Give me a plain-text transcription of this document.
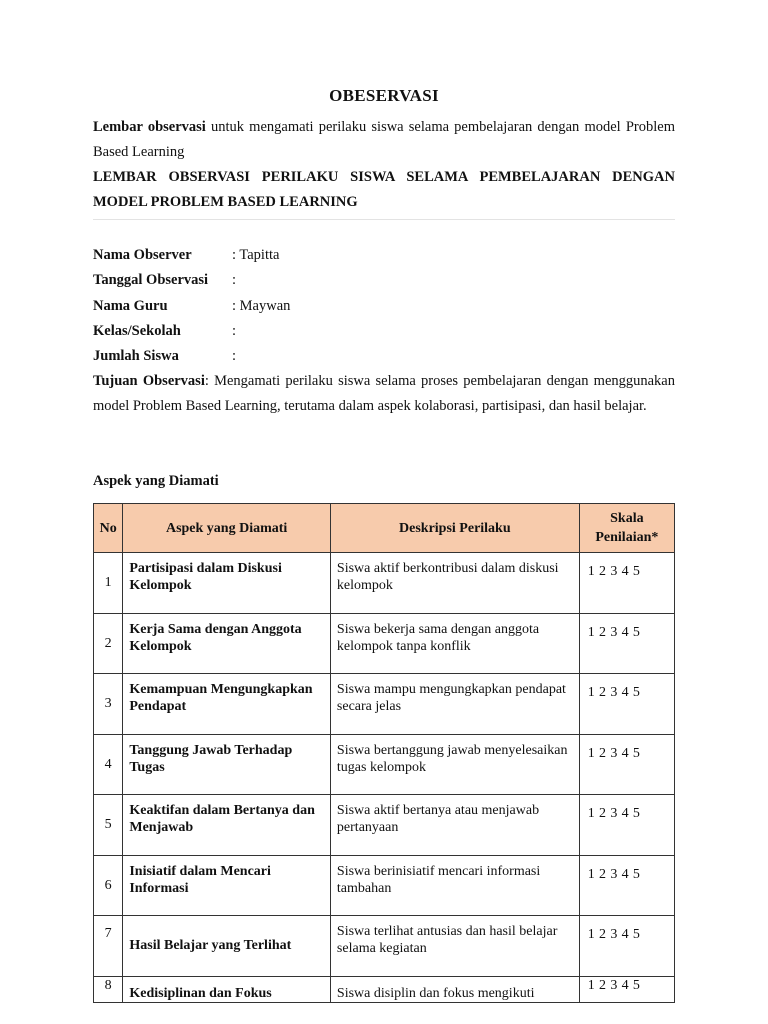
OBESERVASI
Lembar observasi untuk mengamati perilaku siswa selama pembelajaran dengan model Problem Based Learning
LEMBAR OBSERVASI PERILAKU SISWA SELAMA PEMBELAJARAN DENGAN MODEL PROBLEM BASED LEARNING
Nama Observer	: Tapitta
Tanggal Observasi :
Nama Guru	: Maywan
Kelas/Sekolah	:
Jumlah Siswa	:
Tujuan Observasi: Mengamati perilaku siswa selama proses pembelajaran dengan menggunakan model Problem Based Learning, terutama dalam aspek kolaborasi, partisipasi, dan hasil belajar.
Aspek yang Diamati
No	Aspek yang Diamati	Deskripsi Perilaku	Skala Penilaian*
1	Partisipasi dalam Diskusi Kelompok	Siswa aktif berkontribusi dalam diskusi kelompok	1 2 3 4 5
2	Kerja Sama dengan Anggota Kelompok	Siswa bekerja sama dengan anggota kelompok tanpa konflik	1 2 3 4 5
3	Kemampuan Mengungkapkan Pendapat	Siswa mampu mengungkapkan pendapat secara jelas	1 2 3 4 5
4	Tanggung Jawab Terhadap Tugas	Siswa bertanggung jawab menyelesaikan tugas kelompok	1 2 3 4 5
5	Keaktifan dalam Bertanya dan Menjawab	Siswa aktif bertanya atau menjawab pertanyaan	1 2 3 4 5
6	Inisiatif dalam Mencari Informasi	Siswa berinisiatif mencari informasi tambahan	1 2 3 4 5
7	Hasil Belajar yang Terlihat	Siswa terlihat antusias dan hasil belajar selama kegiatan	1 2 3 4 5
8	Kedisiplinan dan Fokus	Siswa disiplin dan fokus mengikuti	1 2 3 4 5
